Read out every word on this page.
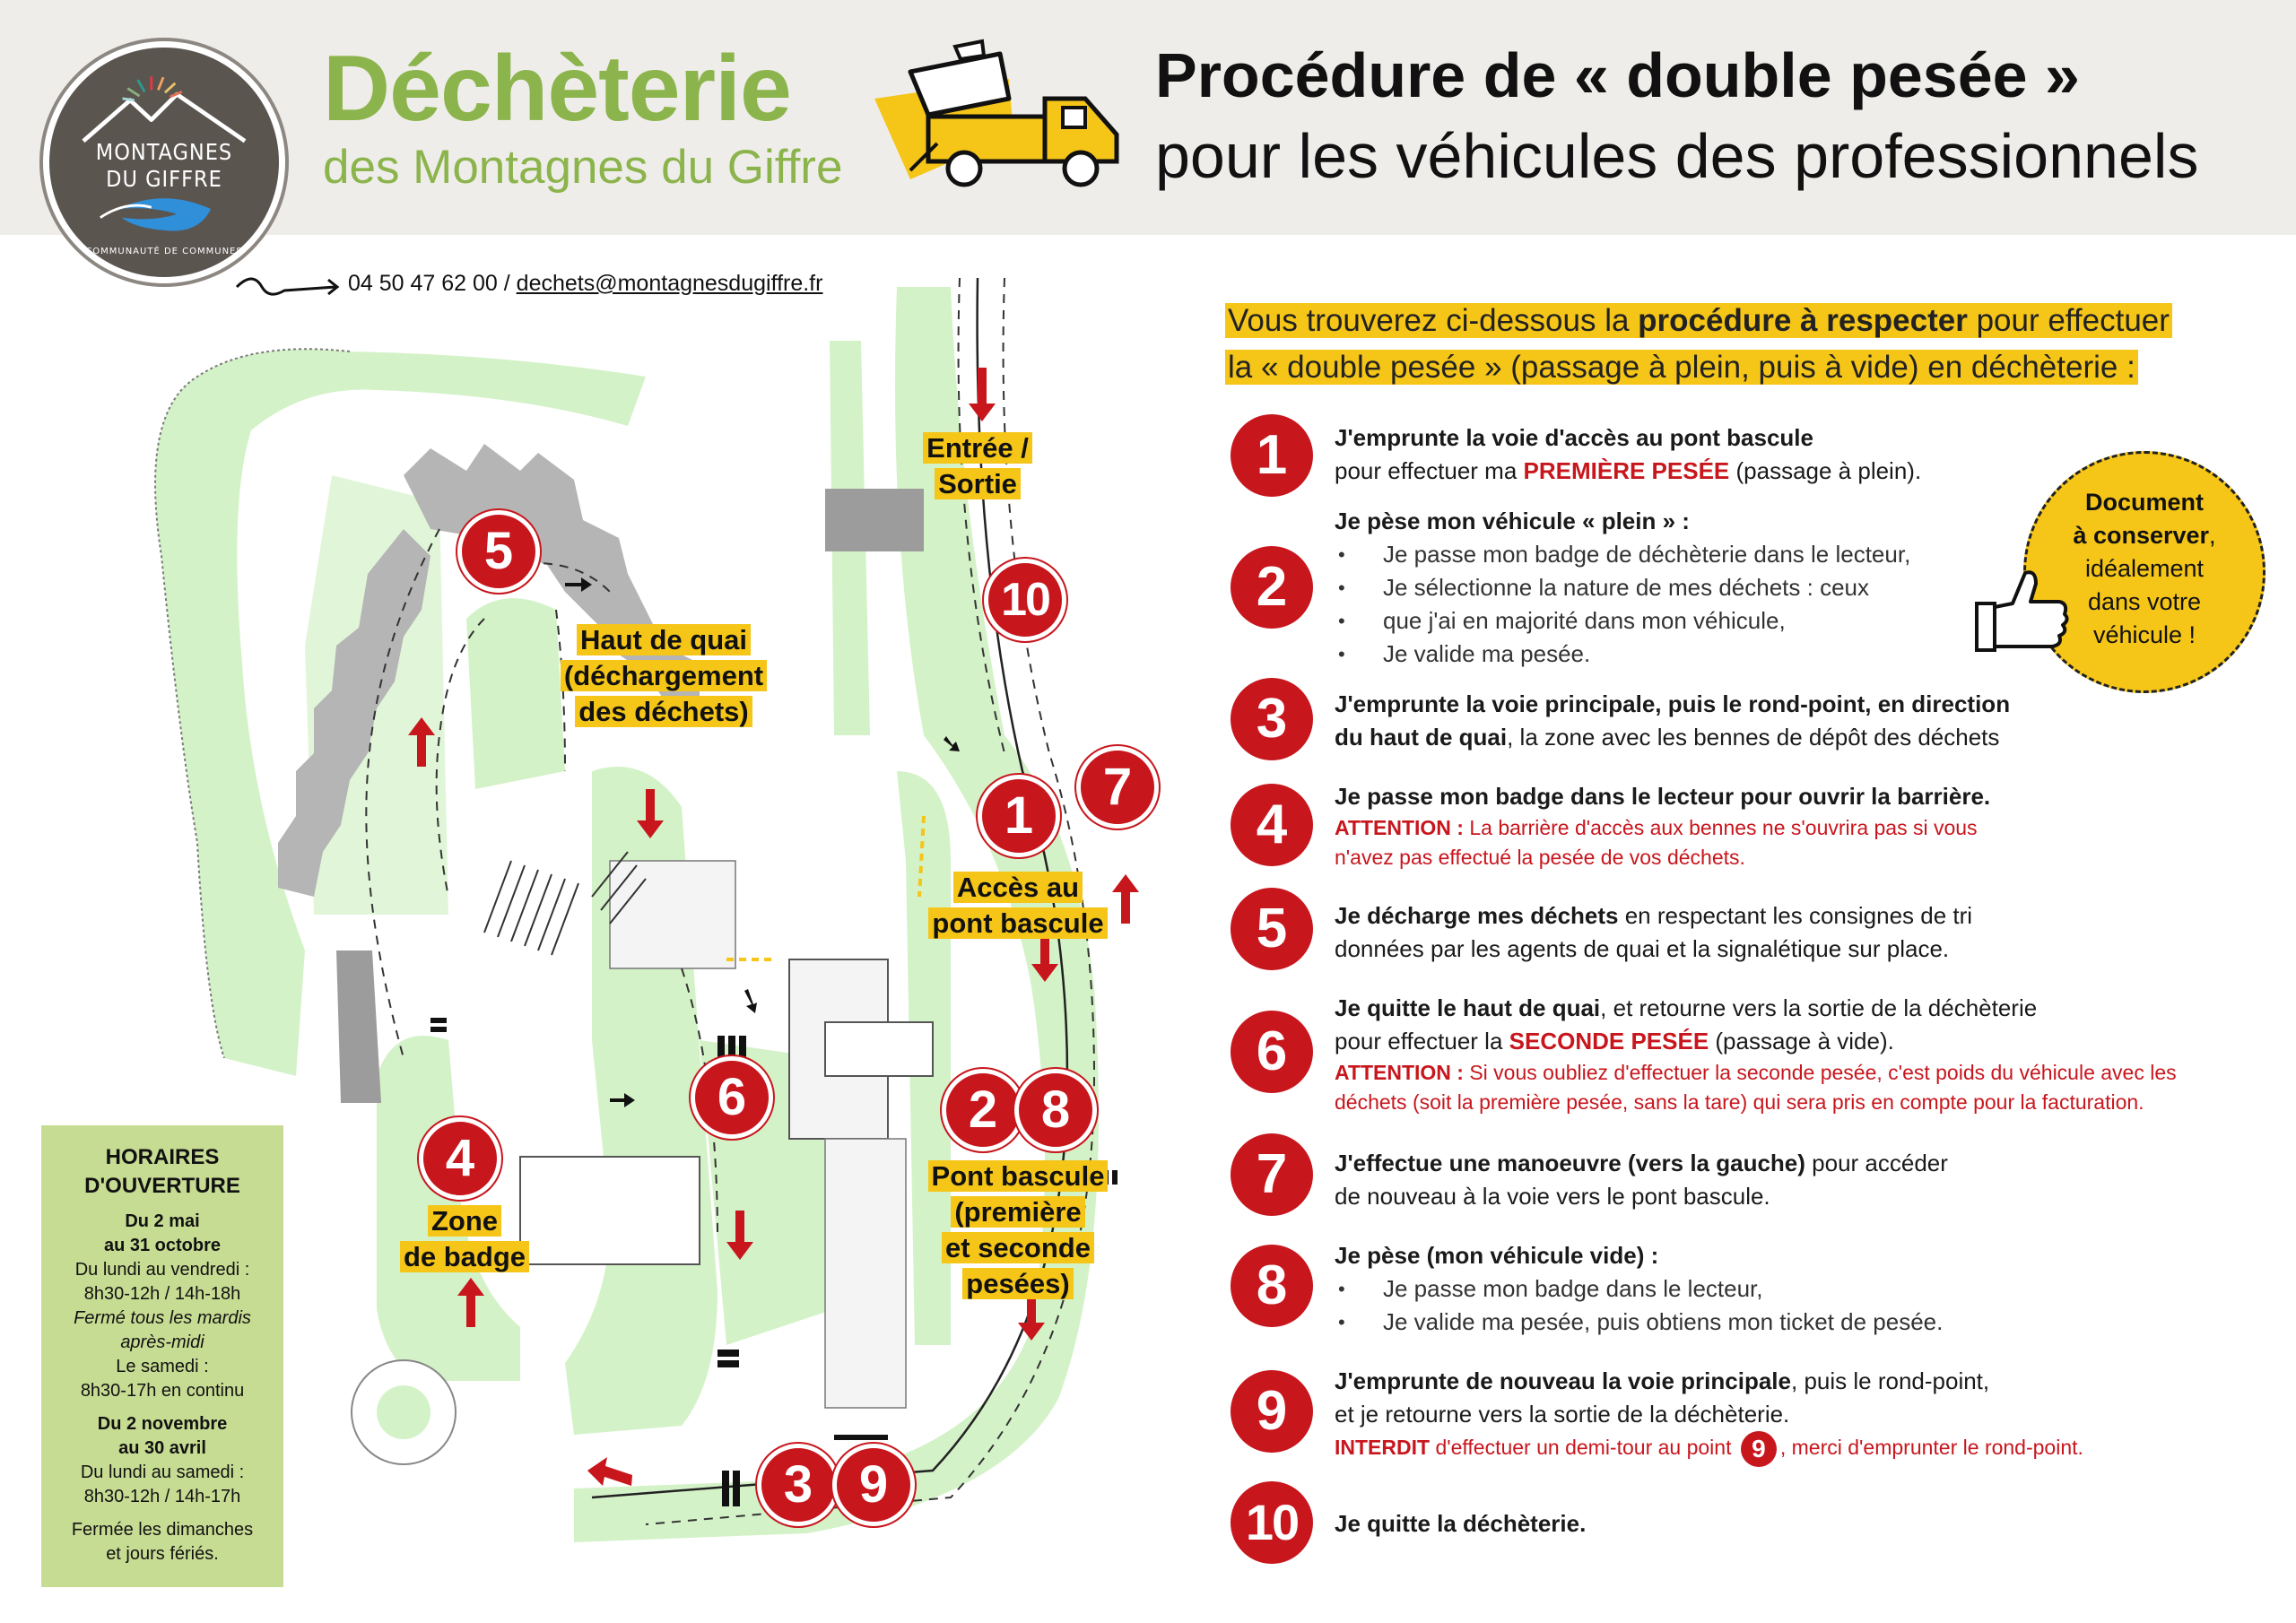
MONTAGNES
DU GIFFRE
COMMUNAUTÉ DE COMMUNES
Déchèterie
des Montagnes du Giffre
Procédure de « double pesée »
pour les véhicules des professionnels
04 50 47 62 00 / dechets@montagnesdugiffre.fr
Haut de quai
(déchargement
des déchets)
Entrée /
Sortie
Accès au
pont bascule
Zone
de badge
Pont bascule
(première
et seconde pesées)
5
10
1	7
6	2 8
4
3 9
HORAIRES
D'OUVERTURE
Du 2 mai
au 31 octobre
Du lundi au vendredi :
8h30-12h / 14h-18h
Fermé tous les mardis
après-midi
Le samedi :
8h30-17h en continu
Du 2 novembre
au 30 avril
Du lundi au samedi :
8h30-12h / 14h-17h
Fermée les dimanches
et jours fériés.
Vous trouverez ci-dessous la procédure à respecter pour effectuer
la « double pesée » (passage à plein, puis à vide) en déchèterie :
Document
à conserver,
idéalement
dans votre
véhicule !
1	J'emprunte la voie d'accès au pont bascule
pour effectuer ma PREMIÈRE PESÉE (passage à plein).
2
Je pèse mon véhicule « plein » :
• Je passe mon badge de déchèterie dans le lecteur,
• Je sélectionne la nature de mes déchets : ceux
• que j'ai en majorité dans mon véhicule,
• Je valide ma pesée.
3	J'emprunte la voie principale, puis le rond-point, en direction
du haut de quai, la zone avec les bennes de dépôt des déchets
4	Je passe mon badge dans le lecteur pour ouvrir la barrière.
ATTENTION : La barrière d'accès aux bennes ne s'ouvrira pas si vous
n'avez pas effectué la pesée de vos déchets.
5	Je décharge mes déchets en respectant les consignes de tri
données par les agents de quai et la signalétique sur place.
6
Je quitte le haut de quai, et retourne vers la sortie de la déchèterie
pour effectuer la SECONDE PESÉE (passage à vide).
ATTENTION : Si vous oubliez d'effectuer la seconde pesée, c'est poids du véhicule avec les
déchets (soit la première pesée, sans la tare) qui sera pris en compte pour la facturation.
7	J'effectue une manoeuvre (vers la gauche) pour accéder
de nouveau à la voie vers le pont bascule.
8	Je pèse (mon véhicule vide) :
• Je passe mon badge dans le lecteur,
• Je valide ma pesée, puis obtiens mon ticket de pesée.
9	J'emprunte de nouveau la voie principale, puis le rond-point,
et je retourne vers la sortie de la déchèterie.
INTERDIT d'effectuer un demi-tour au point 9 , merci d'emprunter le rond-point.
10	Je quitte la déchèterie.
